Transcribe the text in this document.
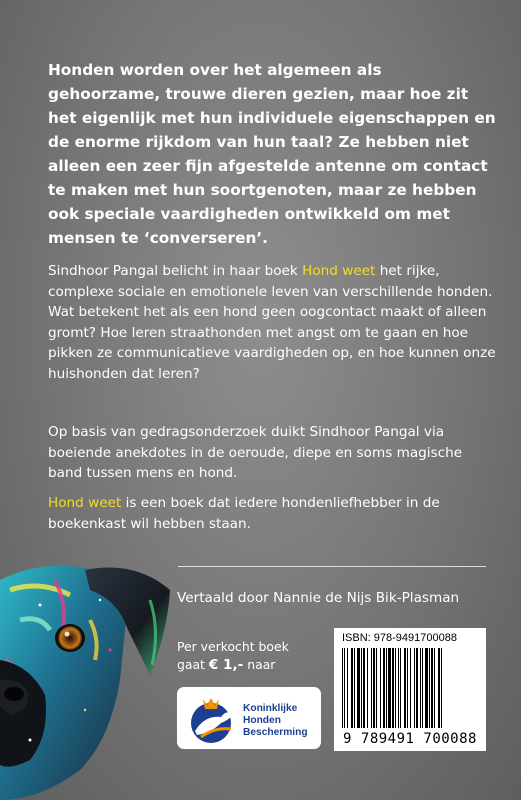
Honden worden over het algemeen als gehoorzame, trouwe dieren gezien, maar hoe zit het eigenlijk met hun individuele eigenschappen en de enorme rijkdom van hun taal? Ze hebben niet alleen een zeer fijn afgestelde antenne om contact te maken met hun soortgenoten, maar ze hebben ook speciale vaardigheden ontwikkeld om met mensen te ‘converseren’.

Sindhoor Pangal belicht in haar boek Hond weet het rijke, complexe sociale en emotionele leven van verschillende honden. Wat betekent het als een hond geen oogcontact maakt of alleen gromt? Hoe leren straathonden met angst om te gaan en hoe pikken ze communicatieve vaardigheden op, en hoe kunnen onze huishonden dat leren?

Op basis van gedragsonderzoek duikt Sindhoor Pangal via boeiende anekdotes in de oeroude, diepe en soms magische band tussen mens en hond.

Hond weet is een boek dat iedere hondenliefhebber in de boekenkast wil hebben staan.

Vertaald door Nannie de Nijs Bik-Plasman

Per verkocht boek
gaat € 1,- naar

Koninklijke
Honden
Bescherming
ISBN: 978-9491700088
9 789491 700088
